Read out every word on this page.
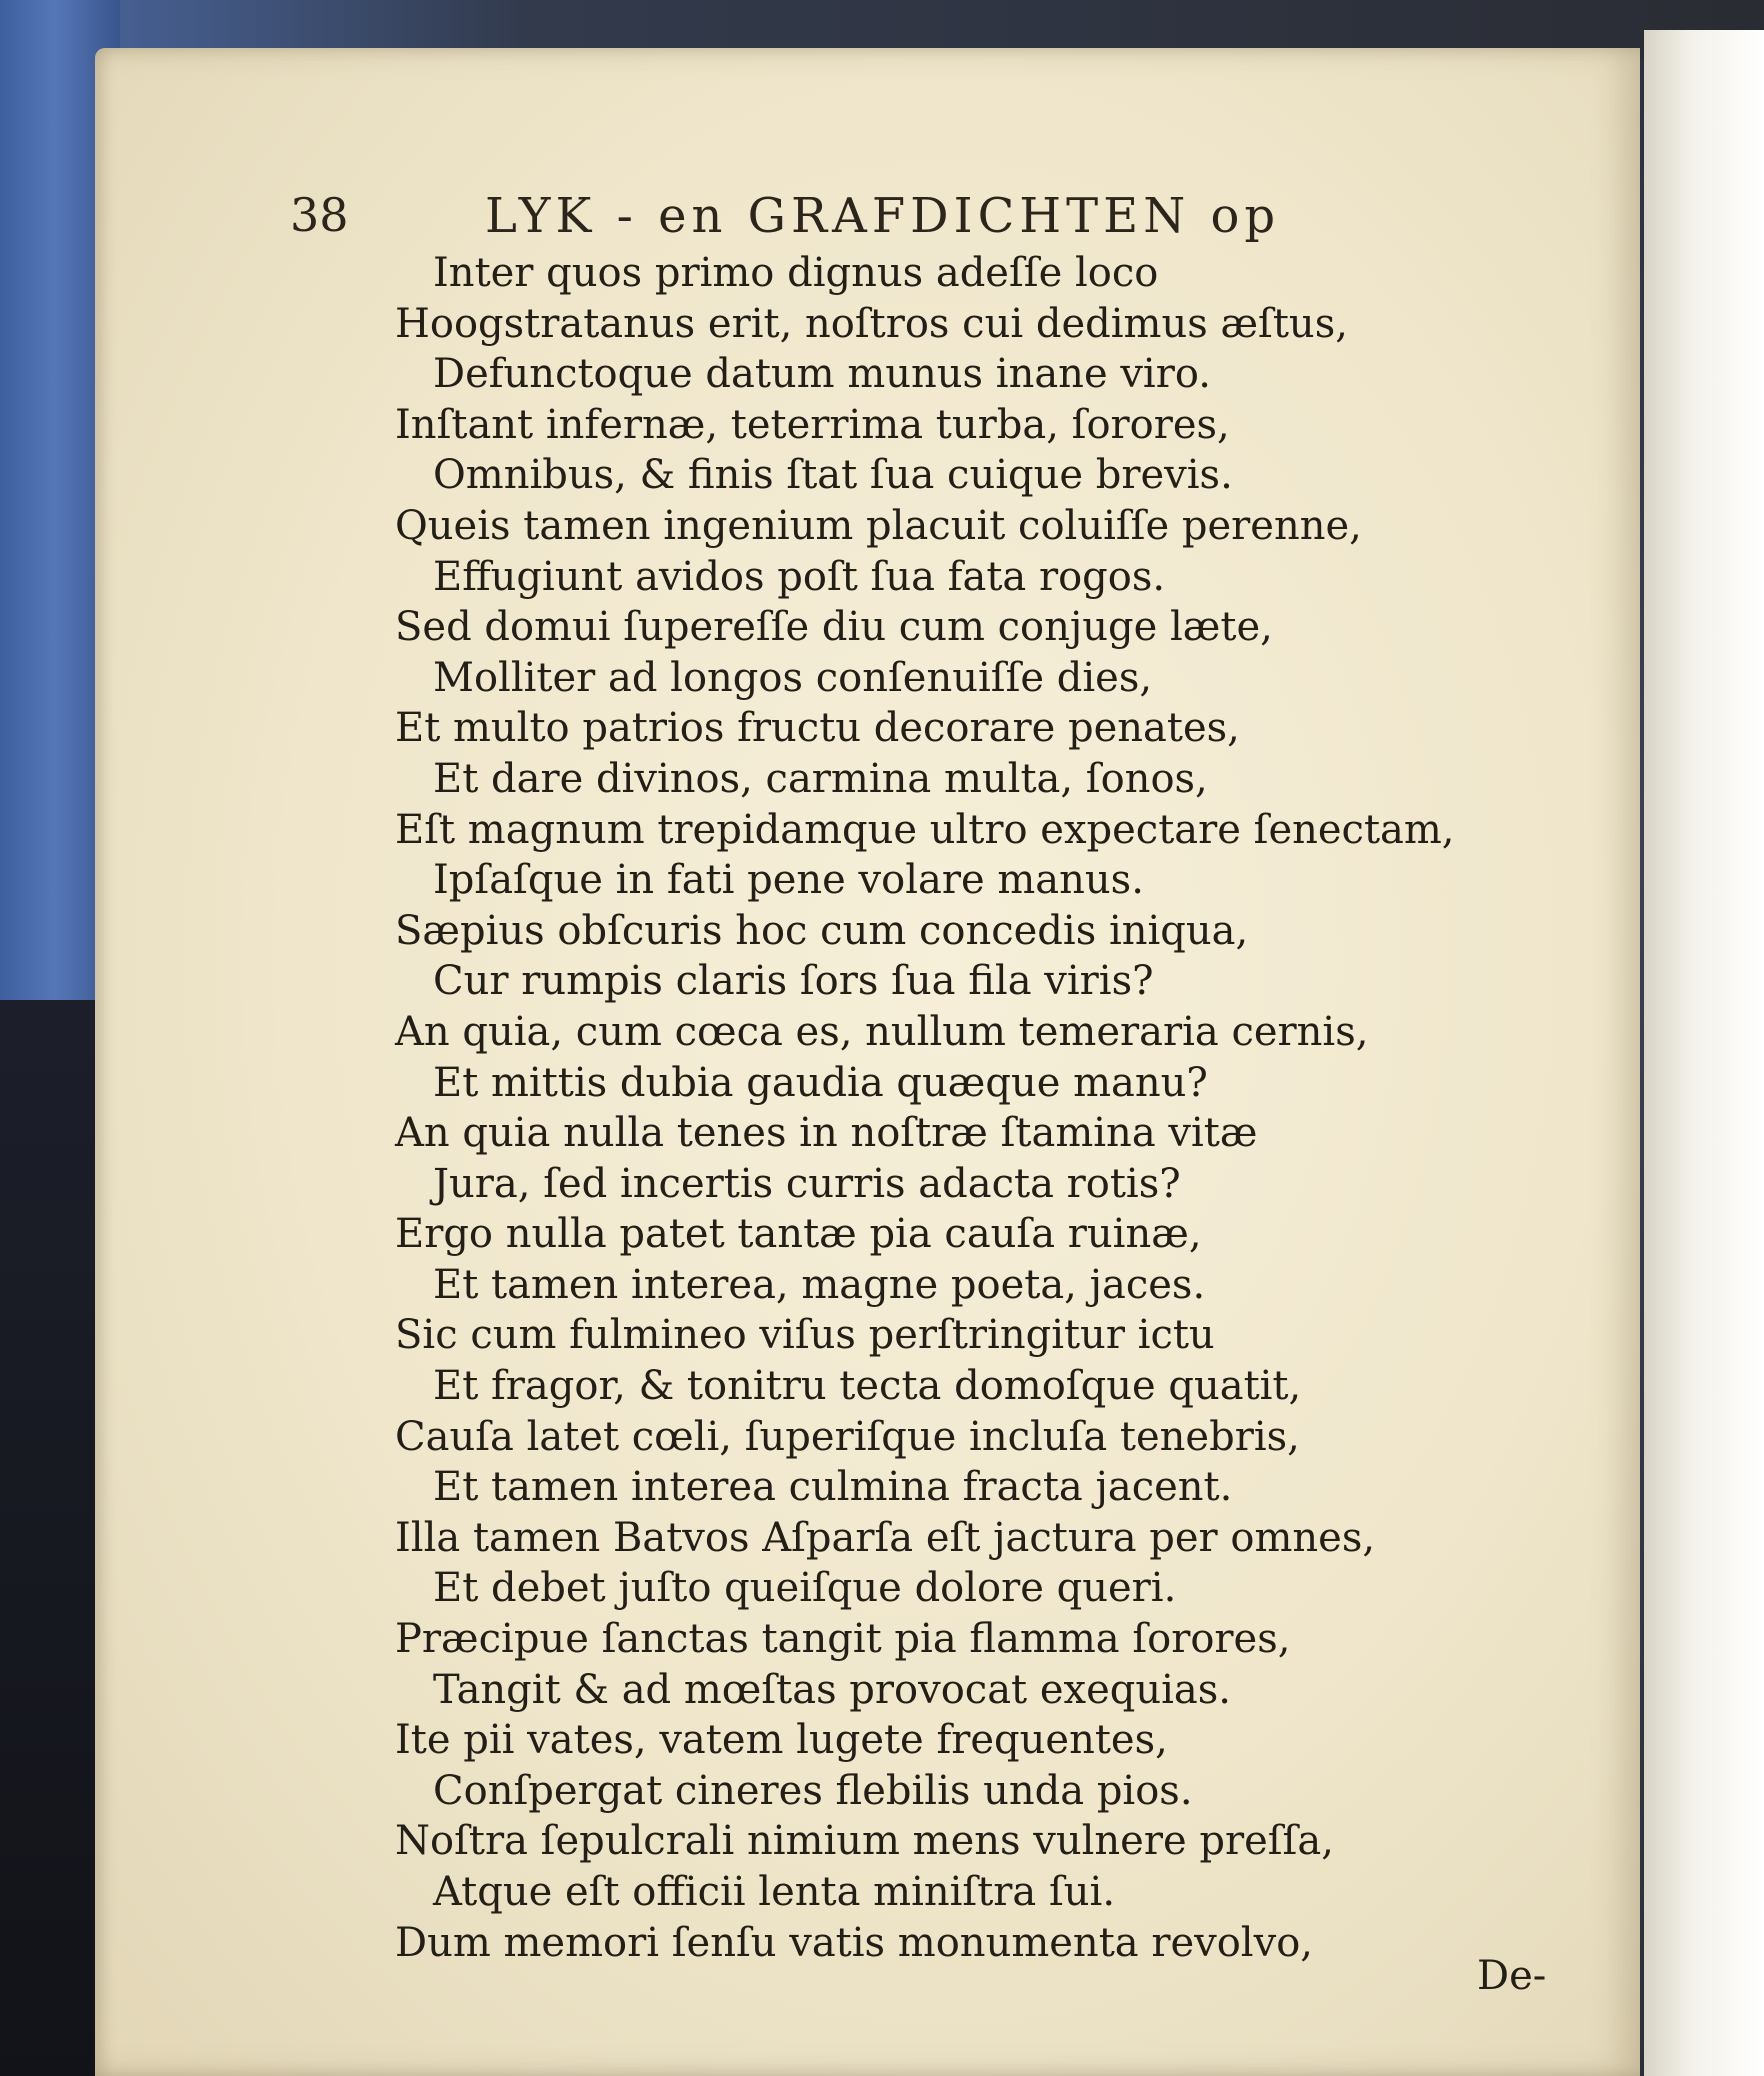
38	LYK - en GRAFDICHTEN op
Inter quos primo dignus adeſſe loco
Hoogstratanus erit, noſtros cui dedimus æſtus,
Defunctoque datum munus inane viro.
Inſtant infernæ, teterrima turba, ſorores,
Omnibus, & finis ſtat ſua cuique brevis.
Queis tamen ingenium placuit coluiſſe perenne,
Effugiunt avidos poſt ſua fata rogos.
Sed domui ſupereſſe diu cum conjuge læte,
Molliter ad longos conſenuiſſe dies,
Et multo patrios fructu decorare penates,
Et dare divinos, carmina multa, ſonos,
Eſt magnum trepidamque ultro expectare ſenectam,
Ipſaſque in fati pene volare manus.
Sæpius obſcuris hoc cum concedis iniqua,
Cur rumpis claris ſors ſua fila viris?
An quia, cum cœca es, nullum temeraria cernis,
Et mittis dubia gaudia quæque manu?
An quia nulla tenes in noſtræ ſtamina vitæ
Jura, ſed incertis curris adacta rotis?
Ergo nulla patet tantæ pia cauſa ruinæ,
Et tamen interea, magne poeta, jaces.
Sic cum fulmineo viſus perſtringitur ictu
Et fragor, & tonitru tecta domoſque quatit,
Cauſa latet cœli, ſuperiſque incluſa tenebris,
Et tamen interea culmina fracta jacent.
Illa tamen Batvos Aſparſa eſt jactura per omnes,
Et debet juſto queiſque dolore queri.
Præcipue ſanctas tangit pia flamma ſorores,
Tangit & ad mœſtas provocat exequias.
Ite pii vates, vatem lugete frequentes,
Conſpergat cineres flebilis unda pios.
Noſtra ſepulcrali nimium mens vulnere preſſa,
Atque eſt officii lenta miniſtra ſui.
Dum memori ſenſu vatis monumenta revolvo,
De-
